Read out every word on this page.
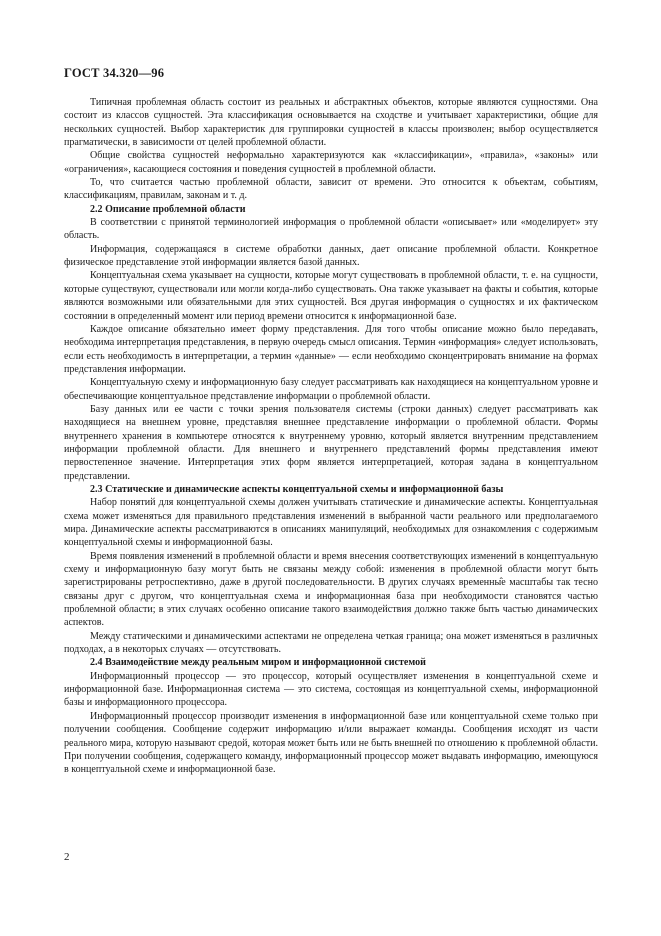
ГОСТ 34.320—96

Типичная проблемная область состоит из реальных и абстрактных объектов, которые являются сущностями. Она состоит из классов сущностей. Эта классификация основывается на сходстве и учитывает характеристики, общие для нескольких сущностей. Выбор характеристик для группировки сущностей в классы произволен; выбор осуществляется прагматически, в зависимости от целей проблемной области.

Общие свойства сущностей неформально характеризуются как «классификации», «правила», «законы» или «ограничения», касающиеся состояния и поведения сущностей в проблемной области.

То, что считается частью проблемной области, зависит от времени. Это относится к объектам, событиям, классификациям, правилам, законам и т. д.

2.2 Описание проблемной области

В соответствии с принятой терминологией информация о проблемной области «описывает» или «моделирует» эту область.

Информация, содержащаяся в системе обработки данных, дает описание проблемной области. Конкретное физическое представление этой информации является базой данных.

Концептуальная схема указывает на сущности, которые могут существовать в проблемной области, т. е. на сущности, которые существуют, существовали или могли когда-либо существовать. Она также указывает на факты и события, которые являются возможными или обязательными для этих сущностей. Вся другая информация о сущностях и их фактическом состоянии в определенный момент или период времени относится к информационной базе.

Каждое описание обязательно имеет форму представления. Для того чтобы описание можно было передавать, необходима интерпретация представления, в первую очередь смысл описания. Термин «информация» следует использовать, если есть необходимость в интерпретации, а термин «данные» — если необходимо сконцентрировать внимание на формах представления информации.

Концептуальную схему и информационную базу следует рассматривать как находящиеся на концептуальном уровне и обеспечивающие концептуальное представление информации о проблемной области.

Базу данных или ее части с точки зрения пользователя системы (строки данных) следует рассматривать как находящиеся на внешнем уровне, представляя внешнее представление информации о проблемной области. Формы внутреннего хранения в компьютере относятся к внутреннему уровню, который является внутренним представлением информации проблемной области. Для внешнего и внутреннего представлений формы представления имеют первостепенное значение. Интерпретация этих форм является интерпретацией, которая задана в концептуальном представлении.

2.3 Статические и динамические аспекты концептуальной схемы и информационной базы

Набор понятий для концептуальной схемы должен учитывать статические и динамические аспекты. Концептуальная схема может изменяться для правильного представления изменений в выбранной части реального или предполагаемого мира. Динамические аспекты рассматриваются в описаниях манипуляций, необходимых для ознакомления с содержимым концептуальной схемы и информационной базы.

Время появления изменений в проблемной области и время внесения соответствующих изменений в концептуальную схему и информационную базу могут быть не связаны между собой: изменения в проблемной области могут быть зарегистрированы ретроспективно, даже в другой последовательности. В других случаях временны̂е масштабы так тесно связаны друг с другом, что концептуальная схема и информационная база при необходимости становятся частью проблемной области; в этих случаях особенно описание такого взаимодействия должно также быть частью динамических аспектов.

Между статическими и динамическими аспектами не определена четкая граница; она может изменяться в различных подходах, а в некоторых случаях — отсутствовать.

2.4 Взаимодействие между реальным миром и информационной системой

Информационный процессор — это процессор, который осуществляет изменения в концептуальной схеме и информационной базе. Информационная система — это система, состоящая из концептуальной схемы, информационной базы и информационного процессора.

Информационный процессор производит изменения в информационной базе или концептуальной схеме только при получении сообщения. Сообщение содержит информацию и/или выражает команды. Сообщения исходят из части реального мира, которую называют средой, которая может быть или не быть внешней по отношению к проблемной области. При получении сообщения, содержащего команду, информационный процессор может выдавать информацию, имеющуюся в концептуальной схеме и информационной базе.

2
